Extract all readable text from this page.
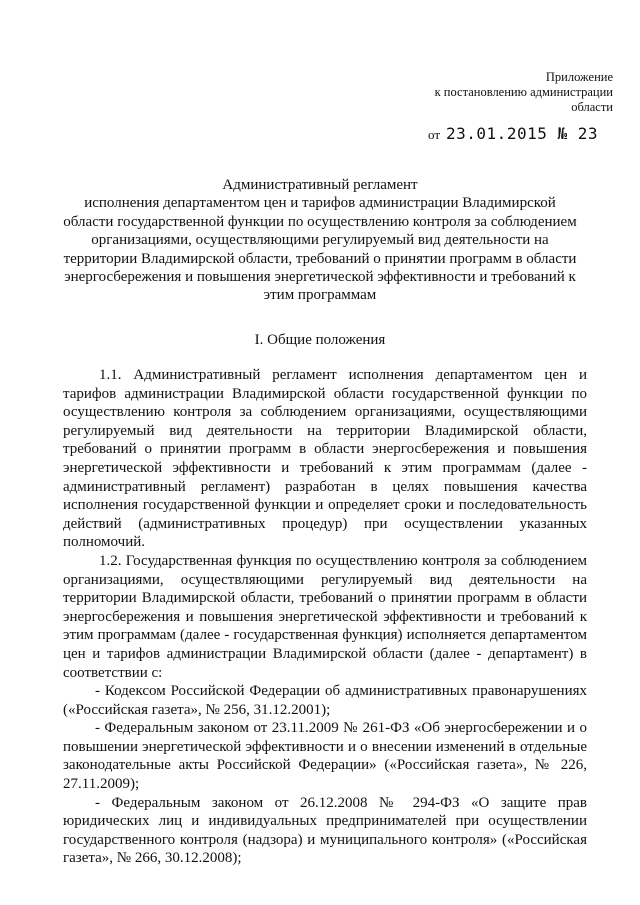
Приложение
к постановлению администрации
области
от 23.01.2015 № 23
Административный регламент
исполнения департаментом цен и тарифов администрации Владимирской области государственной функции по осуществлению контроля за соблюдением организациями, осуществляющими регулируемый вид деятельности на территории Владимирской области, требований о принятии программ в области энергосбережения и повышения энергетической эффективности и требований к этим программам
I. Общие положения

1.1. Административный регламент исполнения департаментом цен и тарифов администрации Владимирской области государственной функции по осуществлению контроля за соблюдением организациями, осуществляющими регулируемый вид деятельности на территории Владимирской области, требований о принятии программ в области энергосбережения и повышения энергетической эффективности и требований к этим программам (далее - административный регламент) разработан в целях повышения качества исполнения государственной функции и определяет сроки и последовательность действий (административных процедур) при осуществлении указанных полномочий.

1.2. Государственная функция по осуществлению контроля за соблюдением организациями, осуществляющими регулируемый вид деятельности на территории Владимирской области, требований о принятии программ в области энергосбережения и повышения энергетической эффективности и требований к этим программам (далее - государственная функция) исполняется департаментом цен и тарифов администрации Владимирской области (далее - департамент) в соответствии с:

- Кодексом Российской Федерации об административных правонарушениях («Российская газета», № 256, 31.12.2001);

- Федеральным законом от 23.11.2009 № 261-ФЗ «Об энергосбережении и о повышении энергетической эффективности и о внесении изменений в отдельные законодательные акты Российской Федерации» («Российская газета», № 226, 27.11.2009);

- Федеральным законом от 26.12.2008 № 294-ФЗ «О защите прав юридических лиц и индивидуальных предпринимателей при осуществлении государственного контроля (надзора) и муниципального контроля» («Российская газета», № 266, 30.12.2008);
